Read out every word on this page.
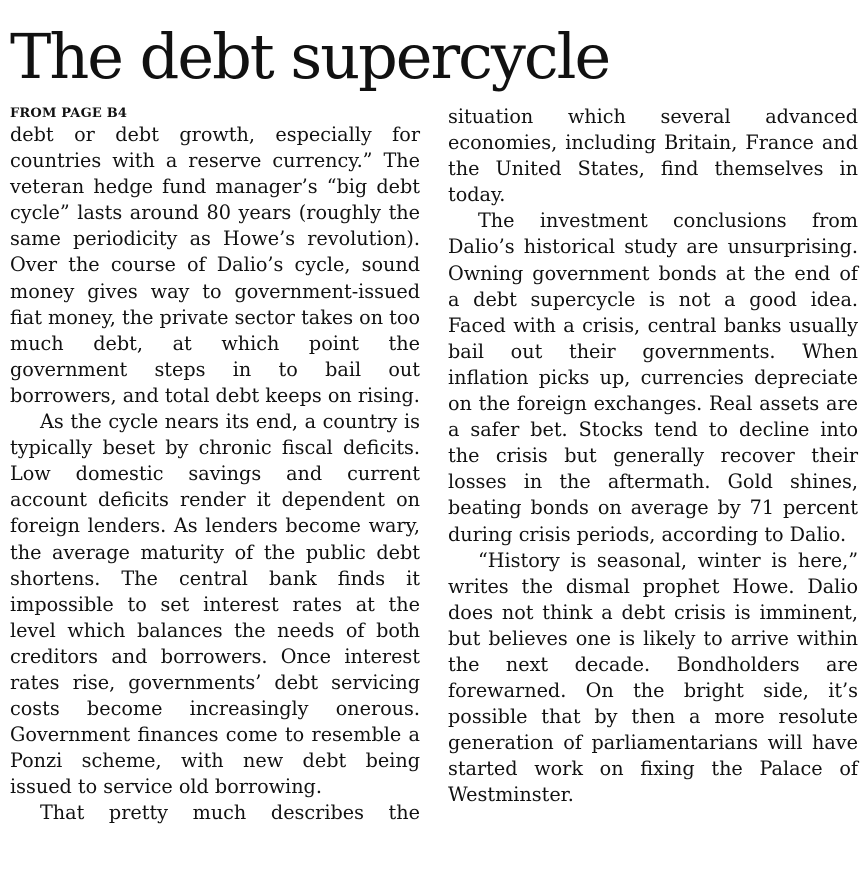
The debt supercycle
FROM PAGE B4

debt or debt growth, especially for countries with a reserve currency.” The veteran hedge fund manager’s “big debt cycle” lasts around 80 years (roughly the same periodicity as Howe’s revolution). Over the course of Dalio’s cycle, sound money gives way to government-issued fiat money, the private sector takes on too much debt, at which point the government steps in to bail out borrowers, and total debt keeps on rising.

As the cycle nears its end, a country is typically beset by chronic fiscal deficits. Low domestic savings and current account deficits render it dependent on foreign lenders. As lenders become wary, the average maturity of the public debt shortens. The central bank finds it impossible to set interest rates at the level which balances the needs of both creditors and borrowers. Once interest rates rise, governments’ debt servicing costs become increasingly onerous. Government finances come to resemble a Ponzi scheme, with new debt being issued to service old borrowing.

That pretty much describes the

situation which several advanced economies, including Britain, France and the United States, find themselves in today.

The investment conclusions from Dalio’s historical study are unsurprising. Owning government bonds at the end of a debt supercycle is not a good idea. Faced with a crisis, central banks usually bail out their governments. When inflation picks up, currencies depreciate on the foreign exchanges. Real assets are a safer bet. Stocks tend to decline into the crisis but generally recover their losses in the aftermath. Gold shines, beating bonds on average by 71 percent during crisis periods, according to Dalio.

“History is seasonal, winter is here,” writes the dismal prophet Howe. Dalio does not think a debt crisis is imminent, but believes one is likely to arrive within the next decade. Bondholders are forewarned. On the bright side, it’s possible that by then a more resolute generation of parliamentarians will have started work on fixing the Palace of Westminster.
